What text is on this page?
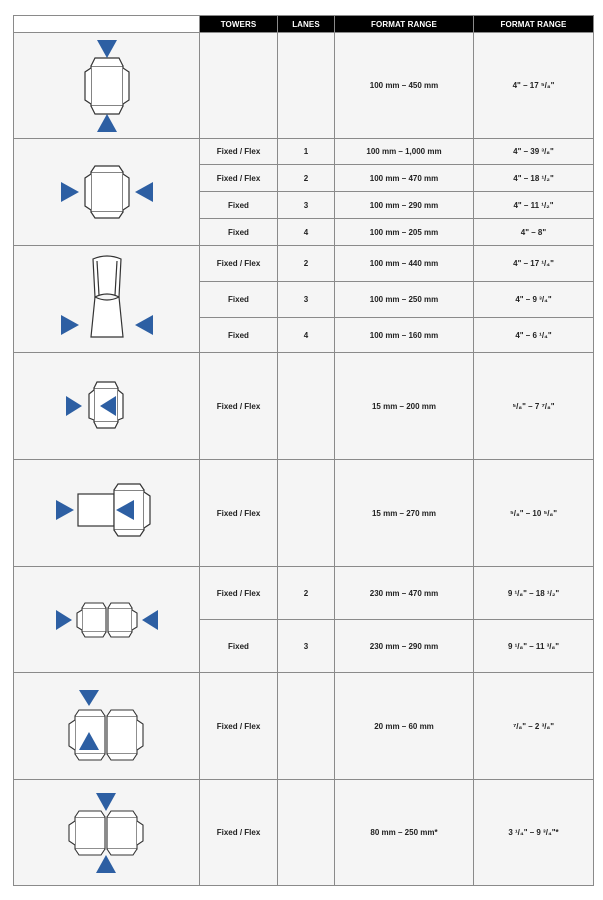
	TOWERS	LANES	FORMAT RANGE	FORMAT RANGE

			100 mm – 450 mm	4" – 17 ⁵/₈"

	Fixed / Flex	1	100 mm – 1,000 mm	4" – 39 ³/₈"
	Fixed / Flex	2	100 mm – 470 mm	4" – 18 ¹/₂"
	Fixed	3	100 mm – 290 mm	4" – 11 ¹/₂"
	Fixed	4	100 mm – 205 mm	4" – 8"

	Fixed / Flex	2	100 mm – 440 mm	4" – 17 ¹/₄"
	Fixed	3	100 mm – 250 mm	4" – 9 ³/₄"
	Fixed	4	100 mm – 160 mm	4" – 6 ¹/₄"

	Fixed / Flex		15 mm – 200 mm	⁵/₈" – 7 ⁷/₈"

	Fixed / Flex		15 mm – 270 mm	⁵/₈" – 10 ⁵/₈"

	Fixed / Flex	2	230 mm – 470 mm	9 ¹/₈" – 18 ¹/₂"
	Fixed	3	230 mm – 290 mm	9 ¹/₈" – 11 ³/₈"

	Fixed / Flex		20 mm – 60 mm	⁷/₈" – 2 ³/₈"

	Fixed / Flex		80 mm – 250 mm*	3 ¹/₄" – 9 ³/₄"*
